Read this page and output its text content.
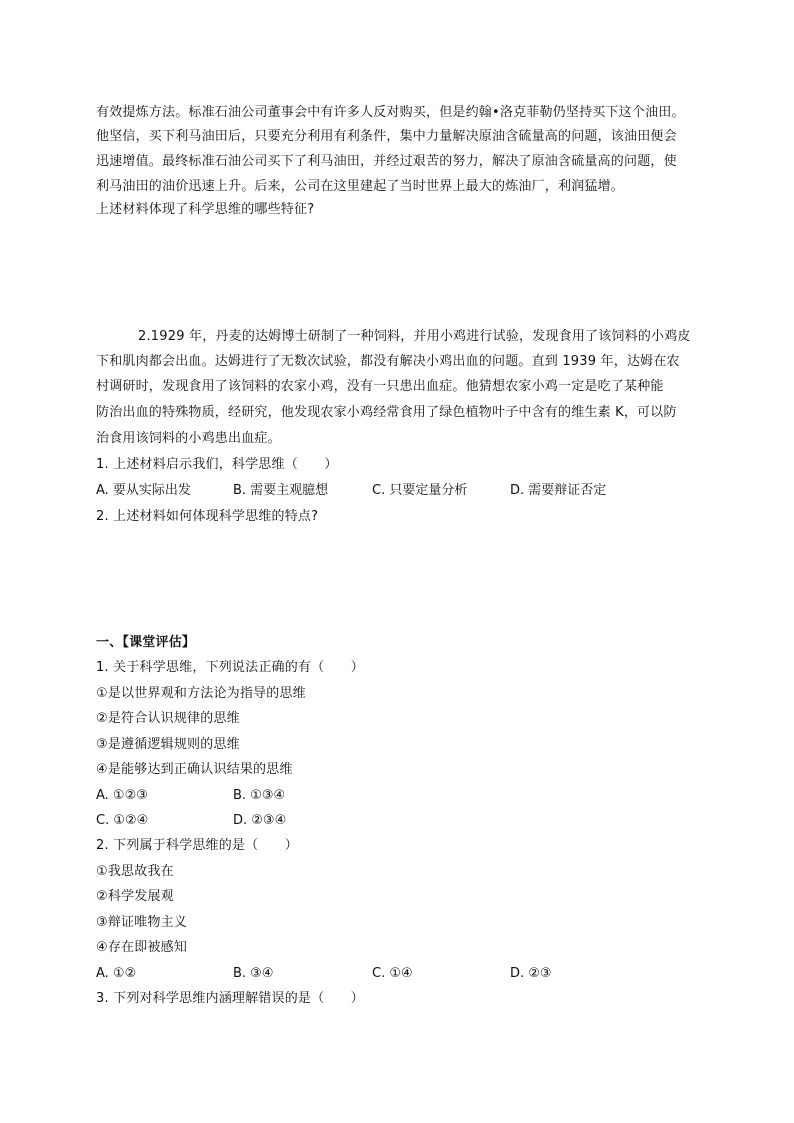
有效提炼方法。标准石油公司董事会中有许多人反对购买，但是约翰•洛克菲勒仍坚持买下这个油田。
他坚信，买下利马油田后，只要充分利用有利条件，集中力量解决原油含硫量高的问题，该油田便会
迅速增值。最终标准石油公司买下了利马油田，并经过艰苦的努力，解决了原油含硫量高的问题，使
利马油田的油价迅速上升。后来，公司在这里建起了当时世界上最大的炼油厂，利润猛增。
上述材料体现了科学思维的哪些特征?
2.1929 年，丹麦的达姆博士研制了一种饲料，并用小鸡进行试验，发现食用了该饲料的小鸡皮
下和肌肉都会出血。达姆进行了无数次试验，都没有解决小鸡出血的问题。直到 1939 年，达姆在农
村调研时，发现食用了该饲料的农家小鸡，没有一只患出血症。他猜想农家小鸡一定是吃了某种能
防治出血的特殊物质，经研究，他发现农家小鸡经常食用了绿色植物叶子中含有的维生素 K，可以防
治食用该饲料的小鸡患出血症。
1. 上述材料启示我们，科学思维（　　）
A. 要从实际出发	B. 需要主观臆想	C. 只要定量分析	D. 需要辩证否定
2. 上述材料如何体现科学思维的特点?
一、【课堂评估】
1. 关于科学思维，下列说法正确的有（　　）
①是以世界观和方法论为指导的思维
②是符合认识规律的思维
③是遵循逻辑规则的思维
④是能够达到正确认识结果的思维
A. ①②③	B. ①③④
C. ①②④	D. ②③④
2. 下列属于科学思维的是（　　）
①我思故我在
②科学发展观
③辩证唯物主义
④存在即被感知
A. ①②	B. ③④	C. ①④	D. ②③
3. 下列对科学思维内涵理解错误的是（　　）
